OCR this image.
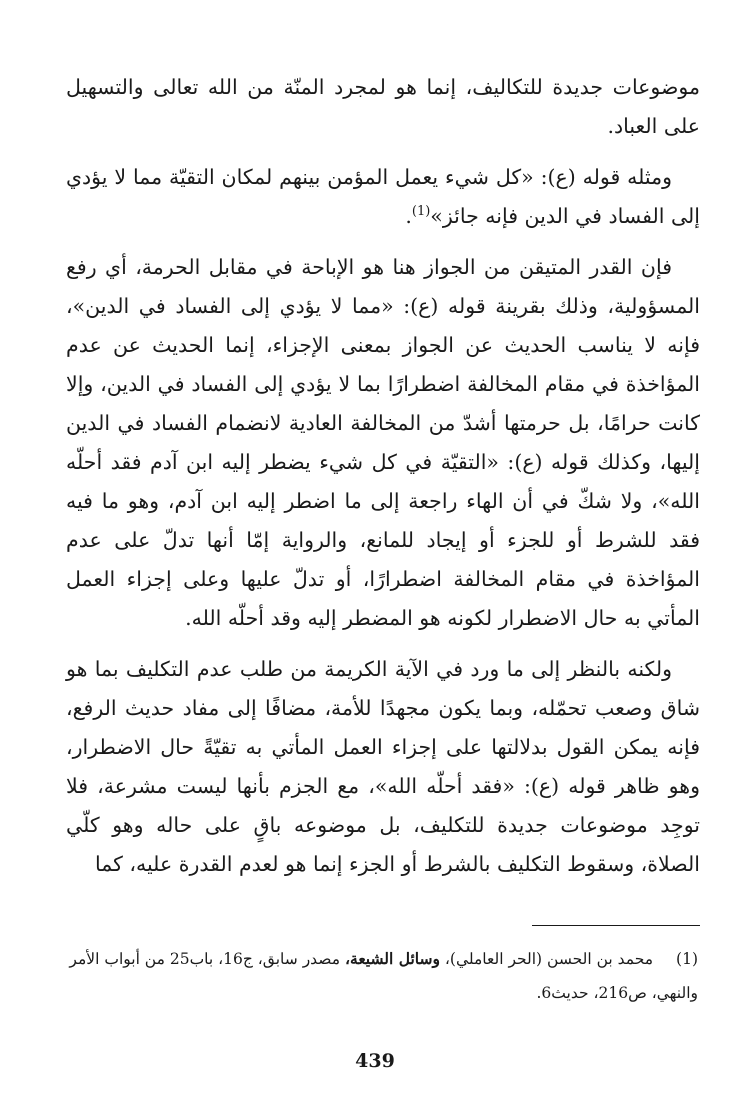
موضوعات جديدة للتكاليف، إنما هو لمجرد المنّة من الله تعالى والتسهيل على العباد.

ومثله قوله (ع): «كل شيء يعمل المؤمن بينهم لمكان التقيّة مما لا يؤدي إلى الفساد في الدين فإنه جائز»$^{(1)}$.

فإن القدر المتيقن من الجواز هنا هو الإباحة في مقابل الحرمة، أي رفع المسؤولية، وذلك بقرينة قوله (ع): «مما لا يؤدي إلى الفساد في الدين»، فإنه لا يناسب الحديث عن الجواز بمعنى الإجزاء، إنما الحديث عن عدم المؤاخذة في مقام المخالفة اضطرارًا بما لا يؤدي إلى الفساد في الدين، وإلا كانت حرامًا، بل حرمتها أشدّ من المخالفة العادية لانضمام الفساد في الدين إليها، وكذلك قوله (ع): «التقيّة في كل شيء يضطر إليه ابن آدم فقد أحلّه الله»، ولا شكّ في أن الهاء راجعة إلى ما اضطر إليه ابن آدم، وهو ما فيه فقد للشرط أو للجزء أو إيجاد للمانع، والرواية إمّا أنها تدلّ على عدم المؤاخذة في مقام المخالفة اضطرارًا، أو تدلّ عليها وعلى إجزاء العمل المأتي به حال الاضطرار لكونه هو المضطر إليه وقد أحلّه الله.

ولكنه بالنظر إلى ما ورد في الآية الكريمة من طلب عدم التكليف بما هو شاق وصعب تحمّله، وبما يكون مجهدًا للأمة، مضافًا إلى مفاد حديث الرفع، فإنه يمكن القول بدلالتها على إجزاء العمل المأتي به تقيّةً حال الاضطرار، وهو ظاهر قوله (ع): «فقد أحلّه الله»، مع الجزم بأنها ليست مشرعة، فلا توجِد موضوعات جديدة للتكليف، بل موضوعه باقٍ على حاله وهو كلّي الصلاة، وسقوط التكليف بالشرط أو الجزء إنما هو لعدم القدرة عليه، كما

(1) محمد بن الحسن (الحر العاملي)، وسائل الشيعة، مصدر سابق، ج16، باب25 من أبواب الأمر والنهي، ص216، حديث6.
439
